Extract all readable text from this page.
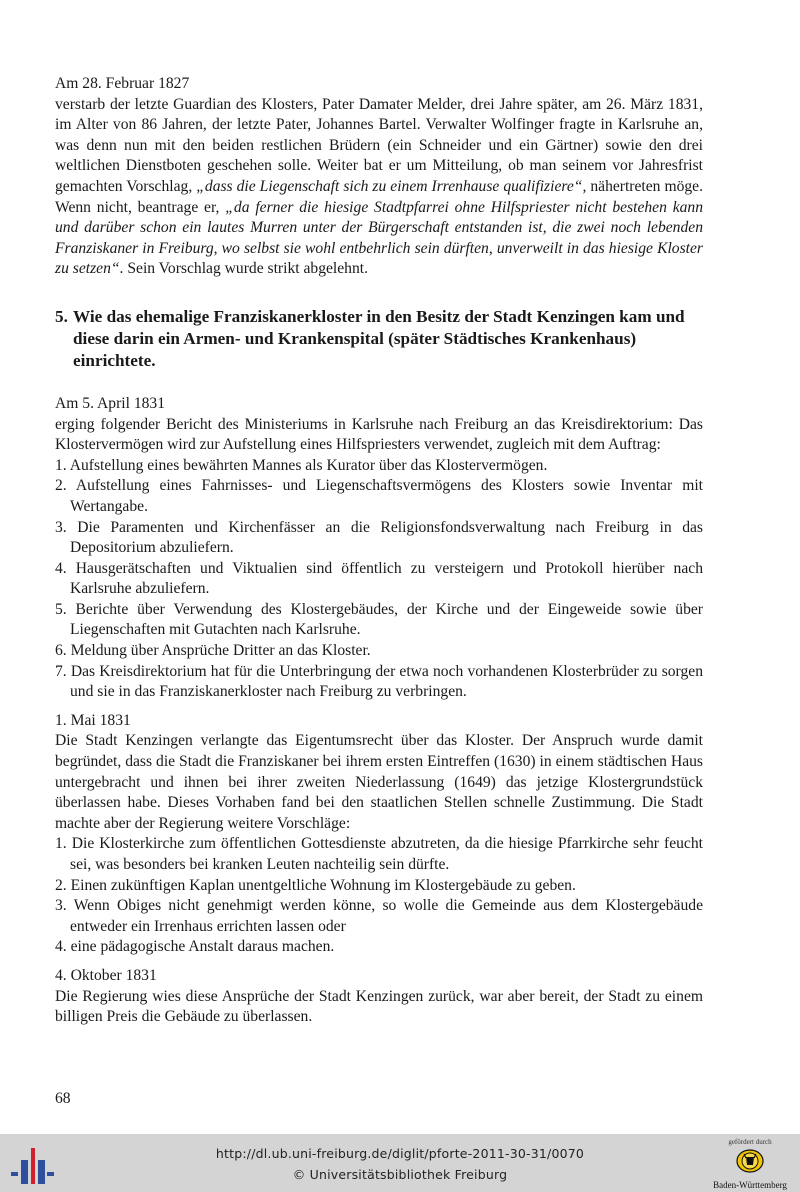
Am 28. Februar 1827

verstarb der letzte Guardian des Klosters, Pater Damater Melder, drei Jahre später, am 26. März 1831, im Alter von 86 Jahren, der letzte Pater, Johannes Bartel. Verwalter Wolfinger fragte in Karlsruhe an, was denn nun mit den beiden restlichen Brüdern (ein Schneider und ein Gärtner) sowie den drei weltlichen Dienstboten geschehen solle. Weiter bat er um Mitteilung, ob man seinem vor Jahresfrist gemachten Vorschlag, „dass die Liegenschaft sich zu einem Irrenhause qualifiziere“, nähertreten möge. Wenn nicht, beantrage er, „da ferner die hiesige Stadtpfarrei ohne Hilfspriester nicht bestehen kann und darüber schon ein lautes Murren unter der Bürgerschaft entstanden ist, die zwei noch lebenden Franziskaner in Freiburg, wo selbst sie wohl entbehrlich sein dürften, unverweilt in das hiesige Kloster zu setzen“. Sein Vorschlag wurde strikt abgelehnt.

5. Wie das ehemalige Franziskanerkloster in den Besitz der Stadt Kenzingen kam und diese darin ein Armen- und Krankenspital (später Städtisches Krankenhaus) einrichtete.

Am 5. April 1831

erging folgender Bericht des Ministeriums in Karlsruhe nach Freiburg an das Kreisdirektorium: Das Klostervermögen wird zur Aufstellung eines Hilfspriesters verwendet, zugleich mit dem Auftrag:

1. Aufstellung eines bewährten Mannes als Kurator über das Klostervermögen.
2. Aufstellung eines Fahrnisses- und Liegenschaftsvermögens des Klosters sowie Inventar mit Wertangabe.
3. Die Paramenten und Kirchenfässer an die Religionsfondsverwaltung nach Freiburg in das Depositorium abzuliefern.
4. Hausgerätschaften und Viktualien sind öffentlich zu versteigern und Protokoll hierüber nach Karlsruhe abzuliefern.
5. Berichte über Verwendung des Klostergebäudes, der Kirche und der Eingeweide sowie über Liegenschaften mit Gutachten nach Karlsruhe.
6. Meldung über Ansprüche Dritter an das Kloster.
7. Das Kreisdirektorium hat für die Unterbringung der etwa noch vorhandenen Klosterbrüder zu sorgen und sie in das Franziskanerkloster nach Freiburg zu verbringen.

1. Mai 1831

Die Stadt Kenzingen verlangte das Eigentumsrecht über das Kloster. Der Anspruch wurde damit begründet, dass die Stadt die Franziskaner bei ihrem ersten Eintreffen (1630) in einem städtischen Haus untergebracht und ihnen bei ihrer zweiten Niederlassung (1649) das jetzige Klostergrundstück überlassen habe. Dieses Vorhaben fand bei den staatlichen Stellen schnelle Zustimmung. Die Stadt machte aber der Regierung weitere Vorschläge:

1. Die Klosterkirche zum öffentlichen Gottesdienste abzutreten, da die hiesige Pfarrkirche sehr feucht sei, was besonders bei kranken Leuten nachteilig sein dürfte.
2. Einen zukünftigen Kaplan unentgeltliche Wohnung im Klostergebäude zu geben.
3. Wenn Obiges nicht genehmigt werden könne, so wolle die Gemeinde aus dem Klostergebäude entweder ein Irrenhaus errichten lassen oder
4. eine pädagogische Anstalt daraus machen.

4. Oktober 1831

Die Regierung wies diese Ansprüche der Stadt Kenzingen zurück, war aber bereit, der Stadt zu einem billigen Preis die Gebäude zu überlassen.

68
http://dl.ub.uni-freiburg.de/diglit/pforte-2011-30-31/0070
© Universitätsbibliothek Freiburg
gefördert durch
Baden-Württemberg
